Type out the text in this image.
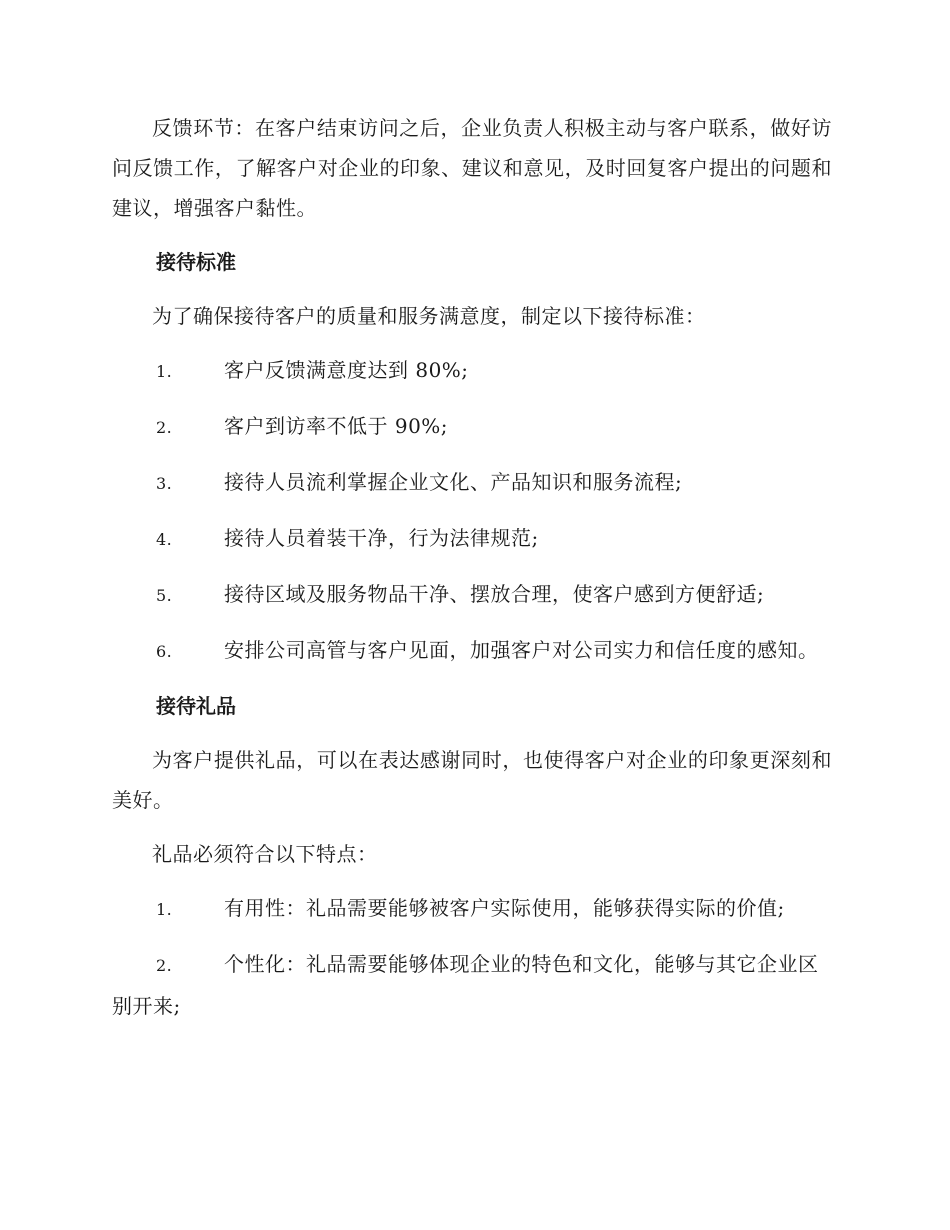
反馈环节：在客户结束访问之后，企业负责人积极主动与客户联系，做好访问反馈工作，了解客户对企业的印象、建议和意见，及时回复客户提出的问题和建议，增强客户黏性。

接待标准

为了确保接待客户的质量和服务满意度，制定以下接待标准：

1.	客户反馈满意度达到 80%;
2.	客户到访率不低于 90%;
3.	接待人员流利掌握企业文化、产品知识和服务流程;
4.	接待人员着装干净，行为法律规范;
5.	接待区域及服务物品干净、摆放合理，使客户感到方便舒适;
6.	安排公司高管与客户见面，加强客户对公司实力和信任度的感知。
接待礼品

为客户提供礼品，可以在表达感谢同时，也使得客户对企业的印象更深刻和美好。

礼品必须符合以下特点：

1.	有用性：礼品需要能够被客户实际使用，能够获得实际的价值;
2.	个性化：礼品需要能够体现企业的特色和文化，能够与其它企业区别开来;
